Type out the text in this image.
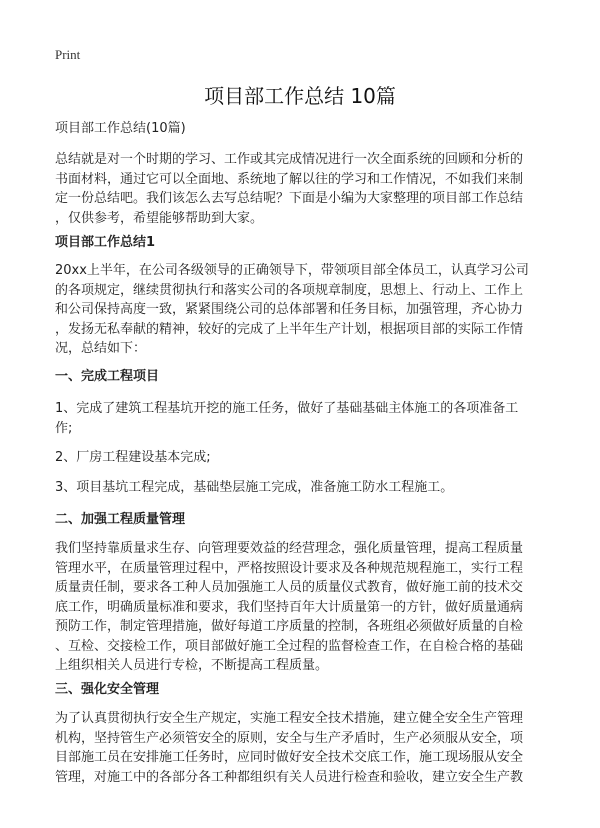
Print
项目部工作总结 10篇
项目部工作总结(10篇)
总结就是对一个时期的学习、工作或其完成情况进行一次全面系统的回顾和分析的
书面材料，通过它可以全面地、系统地了解以往的学习和工作情况，不如我们来制
定一份总结吧。我们该怎么去写总结呢？下面是小编为大家整理的项目部工作总结
，仅供参考，希望能够帮助到大家。
项目部工作总结1
20xx上半年，在公司各级领导的正确领导下，带领项目部全体员工，认真学习公司
的各项规定，继续贯彻执行和落实公司的各项规章制度，思想上、行动上、工作上
和公司保持高度一致，紧紧围绕公司的总体部署和任务目标，加强管理，齐心协力
，发扬无私奉献的精神，较好的完成了上半年生产计划，根据项目部的实际工作情
况，总结如下：
一、完成工程项目
1、完成了建筑工程基坑开挖的施工任务，做好了基础基础主体施工的各项准备工
作;
2、厂房工程建设基本完成;
3、项目基坑工程完成，基础垫层施工完成，准备施工防水工程施工。
二、加强工程质量管理
我们坚持靠质量求生存、向管理要效益的经营理念，强化质量管理，提高工程质量
管理水平，在质量管理过程中，严格按照设计要求及各种规范规程施工，实行工程
质量责任制，要求各工种人员加强施工人员的质量仪式教育，做好施工前的技术交
底工作，明确质量标准和要求，我们坚持百年大计质量第一的方针，做好质量通病
预防工作，制定管理措施，做好每道工序质量的控制，各班组必须做好质量的自检
、互检、交接检工作，项目部做好施工全过程的监督检查工作，在自检合格的基础
上组织相关人员进行专检，不断提高工程质量。
三、强化安全管理
为了认真贯彻执行安全生产规定，实施工程安全技术措施，建立健全安全生产管理
机构，坚持管生产必须管安全的原则，安全与生产矛盾时，生产必须服从安全，项
目部施工员在安排施工任务时，应同时做好安全技术交底工作，施工现场服从安全
管理，对施工中的各部分各工种都组织有关人员进行检查和验收，建立安全生产教
